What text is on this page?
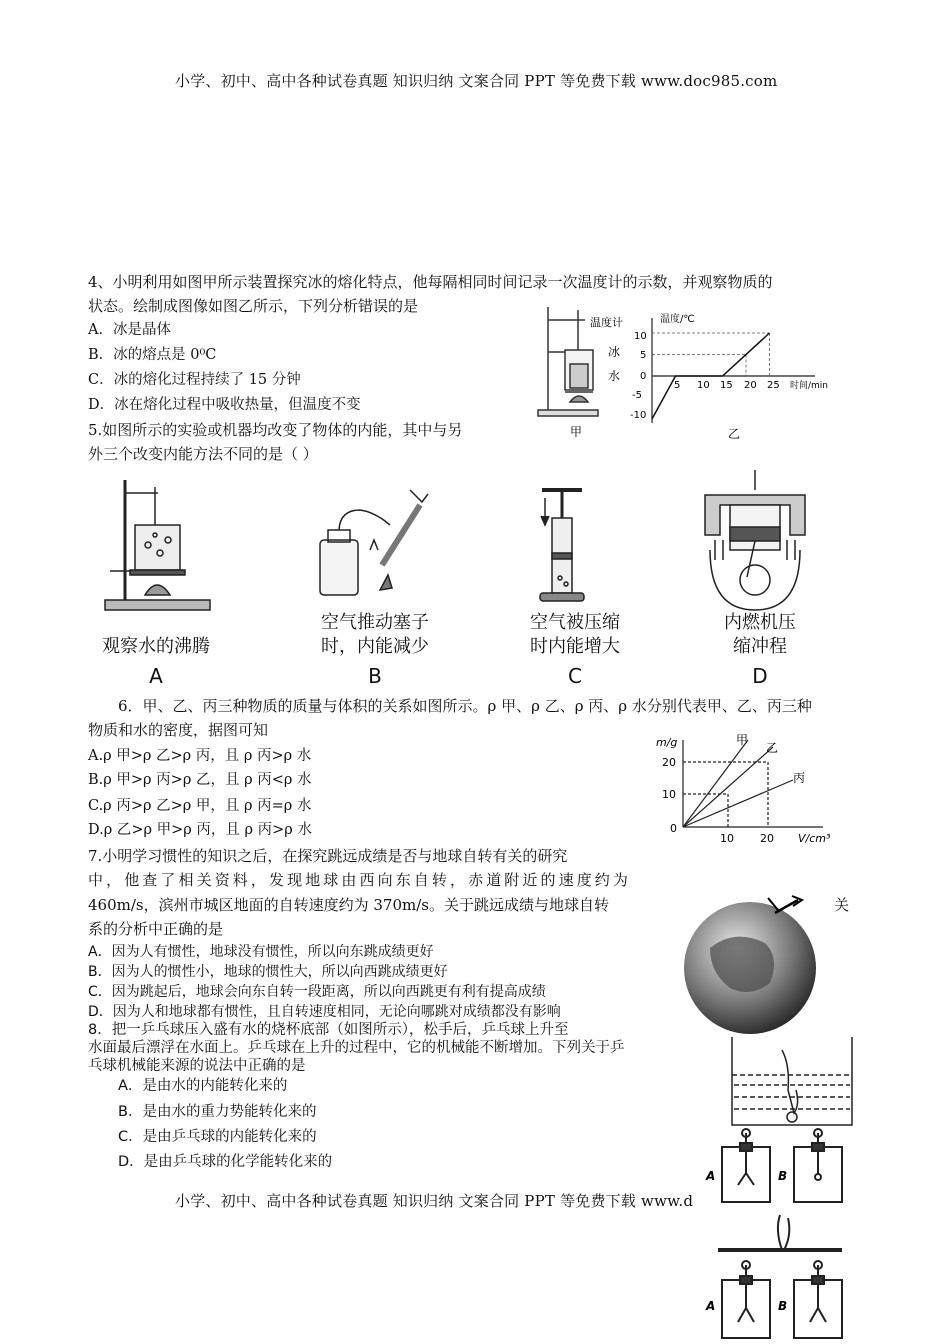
小学、初中、高中各种试卷真题 知识归纳 文案合同 PPT 等免费下载 www.doc985.com
4、小明利用如图甲所示装置探究冰的熔化特点，他每隔相同时间记录一次温度计的示数，并观察物质的
状态。绘制成图像如图乙所示，下列分析错误的是
A．冰是晶体
B．冰的熔点是 0⁰C
C．冰的熔化过程持续了 15 分钟
D．冰在熔化过程中吸收热量，但温度不变
温度计
冰
水
甲
温度/℃
时间/min
10
5
0
-5
-10
5 10 15 20 25
乙
5.如图所示的实验或机器均改变了物体的内能，其中与另
外三个改变内能方法不同的是（ ）
观察水的沸腾
A
空气推动塞子
时，内能减少
B
空气被压缩
时内能增大
C
内燃机压
缩冲程
D
6．甲、乙、丙三种物质的质量与体积的关系如图所示。ρ 甲、ρ 乙、ρ 丙、ρ 水分别代表甲、乙、丙三种
物质和水的密度，据图可知
A.ρ 甲>ρ 乙>ρ 丙，且 ρ 丙>ρ 水
B.ρ 甲>ρ 丙>ρ 乙，且 ρ 丙<ρ 水
C.ρ 丙>ρ 乙>ρ 甲，且 ρ 丙=ρ 水
D.ρ 乙>ρ 甲>ρ 丙，且 ρ 丙>ρ 水
m/g
V/cm³
20
10
0
10 20
甲
乙
丙
7.小明学习惯性的知识之后，在探究跳远成绩是否与地球自转有关的研究
中，他查了相关资料，发现地球由西向东自转，赤道附近的速度约为
460m/s，滨州市城区地面的自转速度约为 370m/s。关于跳远成绩与地球自转	关
系的分析中正确的是
A．因为人有惯性，地球没有惯性，所以向东跳成绩更好
B．因为人的惯性小，地球的惯性大，所以向西跳成绩更好
C．因为跳起后，地球会向东自转一段距离，所以向西跳更有利有提高成绩
D．因为人和地球都有惯性，且自转速度相同，无论向哪跳对成绩都没有影响
8．把一乒乓球压入盛有水的烧杯底部（如图所示），松手后，乒乓球上升至
水面最后漂浮在水面上。乒乓球在上升的过程中，它的机械能不断增加。下列关于乒
乓球机械能来源的说法中正确的是
A．是由水的内能转化来的
B．是由水的重力势能转化来的
C．是由乒乓球的内能转化来的
D．是由乒乓球的化学能转化来的
A	B
小学、初中、高中各种试卷真题 知识归纳 文案合同 PPT 等免费下载 www.d
A	B
